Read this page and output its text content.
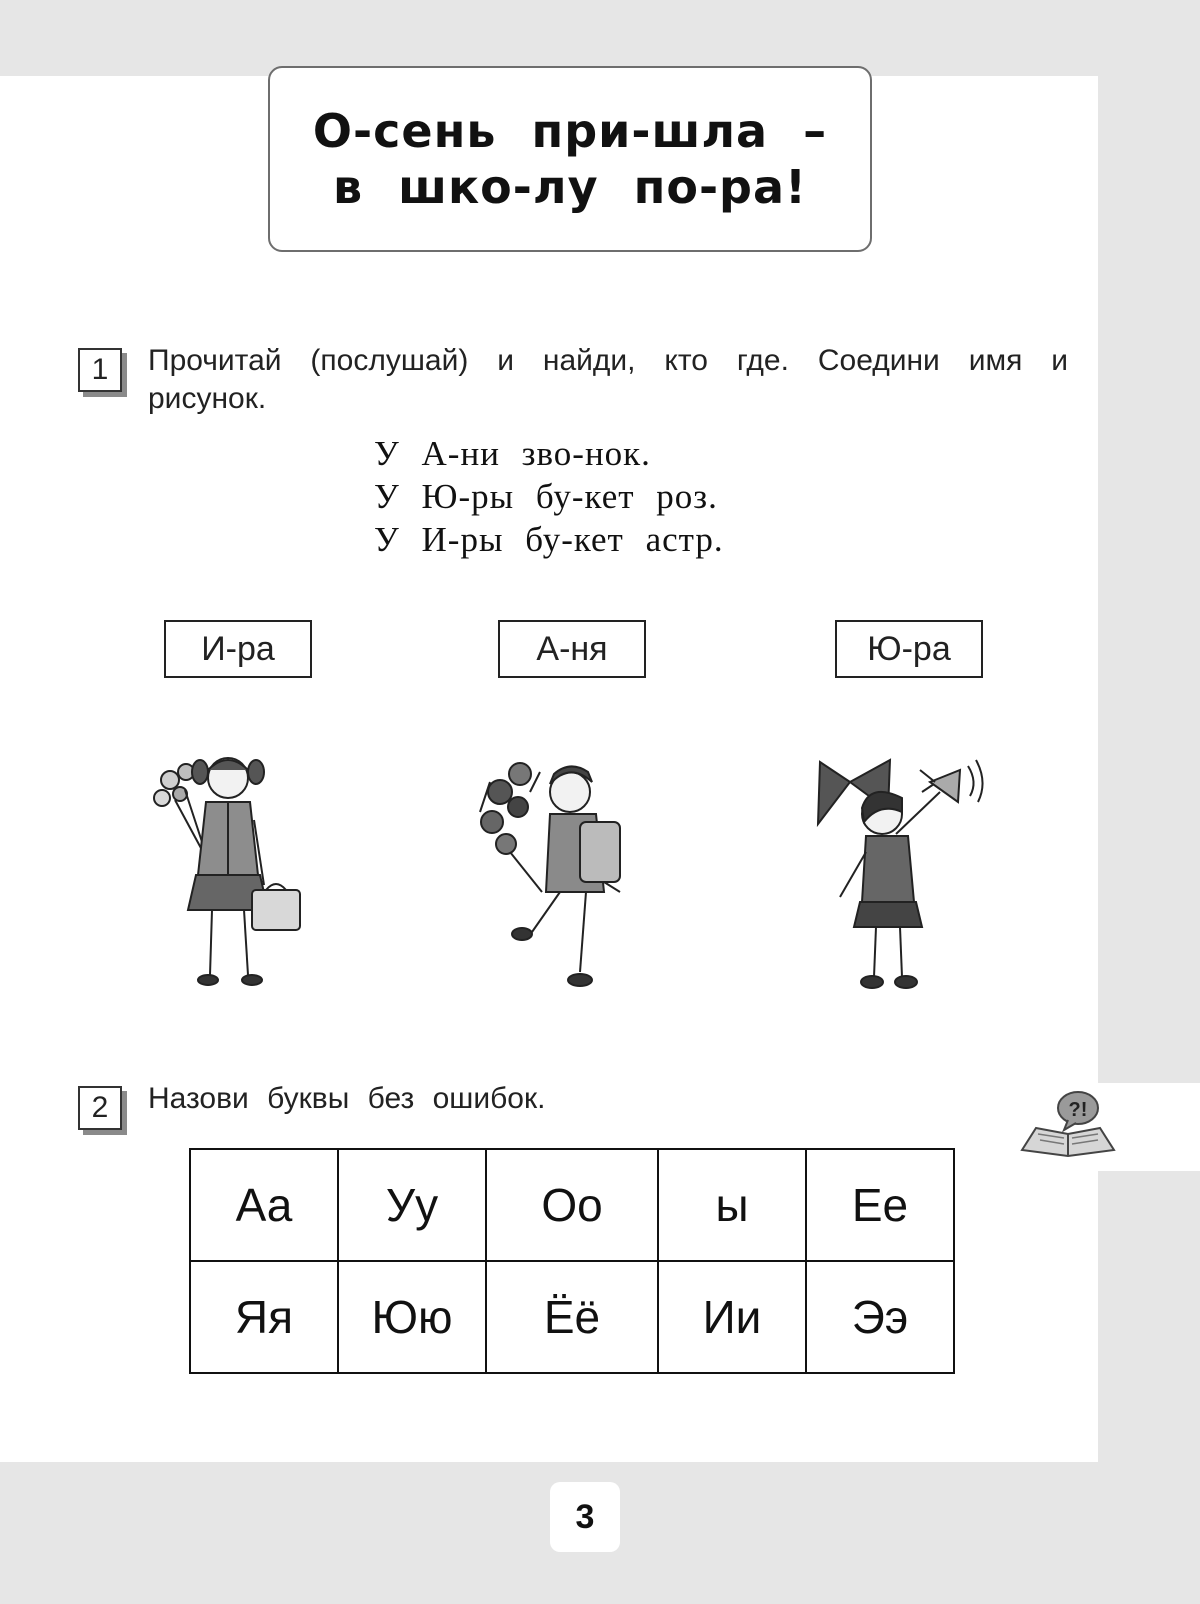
О-сень при-шла –
в шко-лу по-ра!
1	Прочитай (послушай) и найди, кто где. Соедини имя и рисунок.
У А-ни зво-нок.
У Ю-ры бу-кет роз.
У И-ры бу-кет астр.
И-ра	А-ня	Ю-ра
2	Назови буквы без ошибок.
Аа	Уу	Оо	ы	Ее
Яя	Юю	Ёё	Ии	Ээ
?!
3
